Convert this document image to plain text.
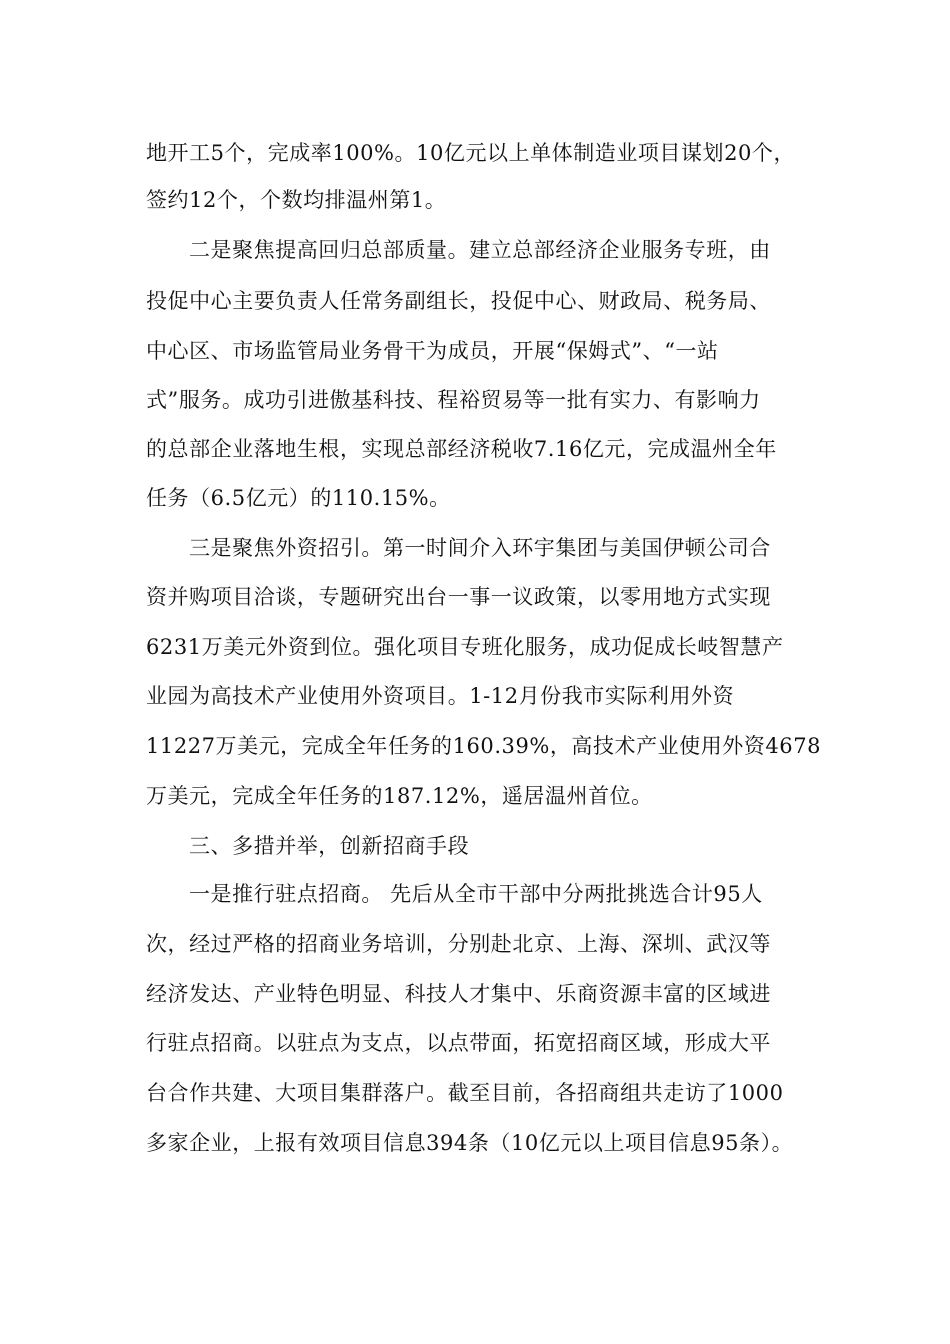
地开工5个，完成率100%。10亿元以上单体制造业项目谋划20个，

签约12个，个数均排温州第1。

二是聚焦提高回归总部质量。建立总部经济企业服务专班，由

投促中心主要负责人任常务副组长，投促中心、财政局、税务局、

中心区、市场监管局业务骨干为成员，开展“保姆式”、“一站

式”服务。成功引进傲基科技、程裕贸易等一批有实力、有影响力

的总部企业落地生根，实现总部经济税收7.16亿元，完成温州全年

任务（6.5亿元）的110.15%。

三是聚焦外资招引。第一时间介入环宇集团与美国伊顿公司合

资并购项目洽谈，专题研究出台一事一议政策，以零用地方式实现

6231万美元外资到位。强化项目专班化服务，成功促成长岐智慧产

业园为高技术产业使用外资项目。1-12月份我市实际利用外资

11227万美元，完成全年任务的160.39%，高技术产业使用外资4678

万美元，完成全年任务的187.12%，遥居温州首位。

三、多措并举，创新招商手段

一是推行驻点招商。 先后从全市干部中分两批挑选合计95人

次，经过严格的招商业务培训，分别赴北京、上海、深圳、武汉等

经济发达、产业特色明显、科技人才集中、乐商资源丰富的区域进

行驻点招商。以驻点为支点，以点带面，拓宽招商区域，形成大平

台合作共建、大项目集群落户。截至目前，各招商组共走访了1000

多家企业，上报有效项目信息394条（10亿元以上项目信息95条）。
